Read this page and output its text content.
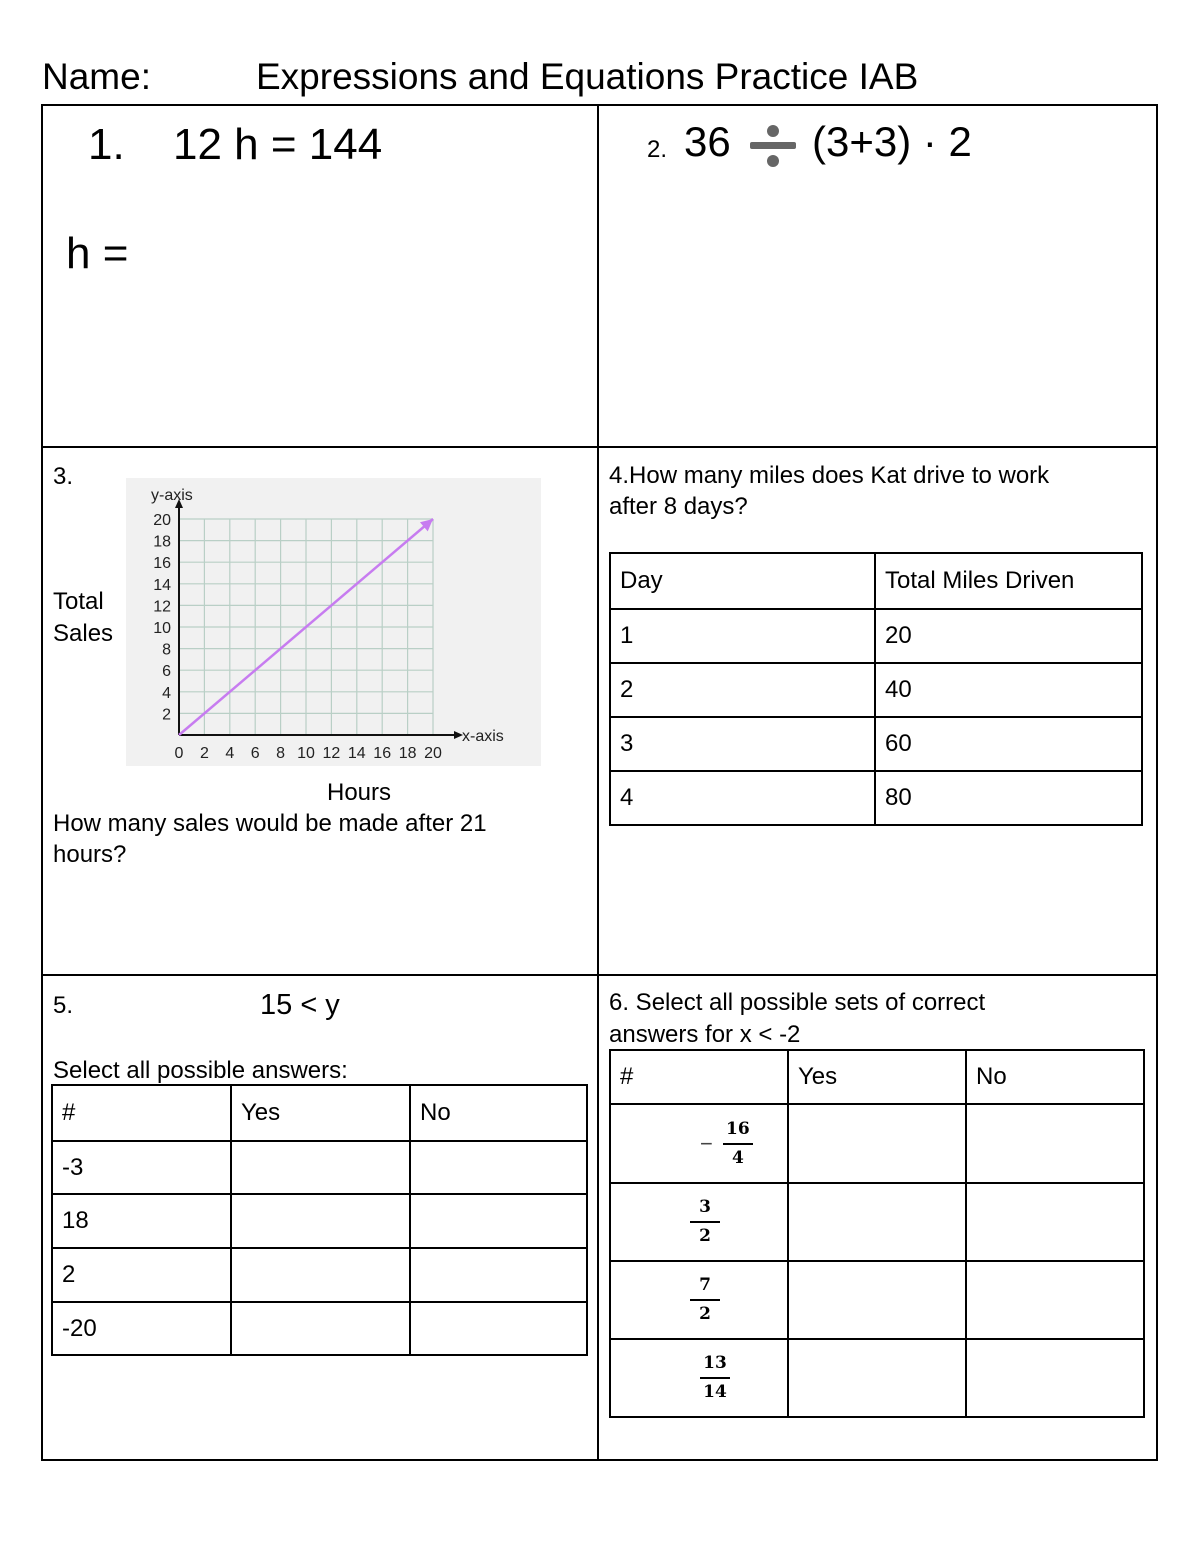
Name:	Expressions and Equations Practice IAB
1. 12 h = 144
h =
2. 36 (3+3) · 2
3.
Total
Sales
0 2 4 6 8 10 12 14 16 18 20
2
4
6
8
10
12
14
16
18
20
y-axis
x-axis
Hours
How many sales would be made after 21
hours?
4.How many miles does Kat drive to work
after 8 days?
Day	Total Miles Driven
1	20
2	40
3	60
4	80
5.	15 < y
Select all possible answers:
#	Yes	No
-3		
18		
2		
-20		
6. Select all possible sets of correct
answers for x < -2
#	Yes	No

− $\frac{16}{4}$

$\frac{3}{2}$

$\frac{7}{2}$

$\frac{13}{14}$
